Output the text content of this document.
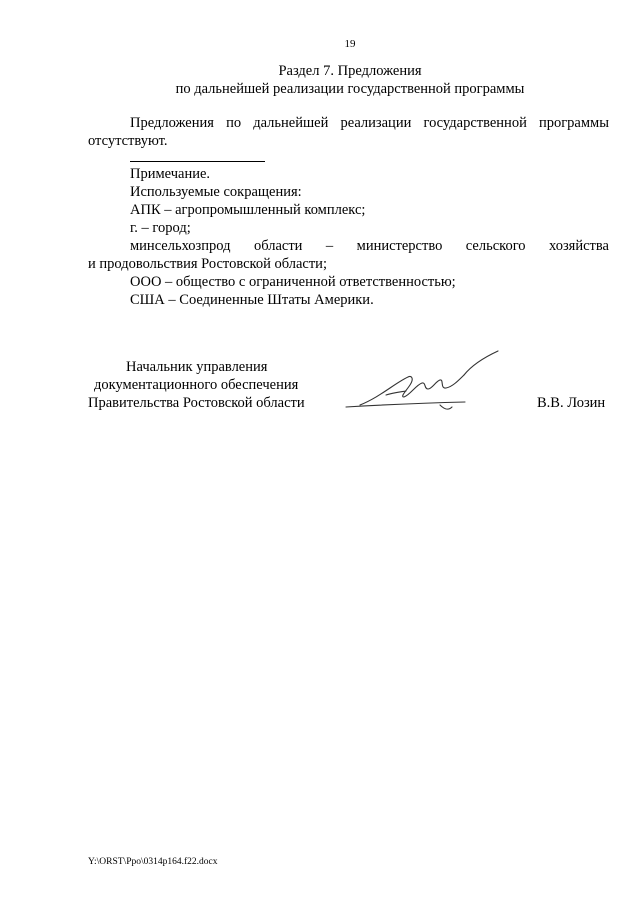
19
Раздел 7. Предложения
по дальнейшей реализации государственной программы
Предложения по дальнейшей реализации государственной программы
отсутствуют.
Примечание.
Используемые сокращения:
АПК – агропромышленный комплекс;
г. – город;
минсельхозпрод области – министерство сельского хозяйства
и продовольствия Ростовской области;
ООО – общество с ограниченной ответственностью;
США – Соединенные Штаты Америки.
Начальник управления
документационного обеспечения
Правительства Ростовской области	В.В. Лозин
Y:\ORST\Ppo\0314p164.f22.docx
